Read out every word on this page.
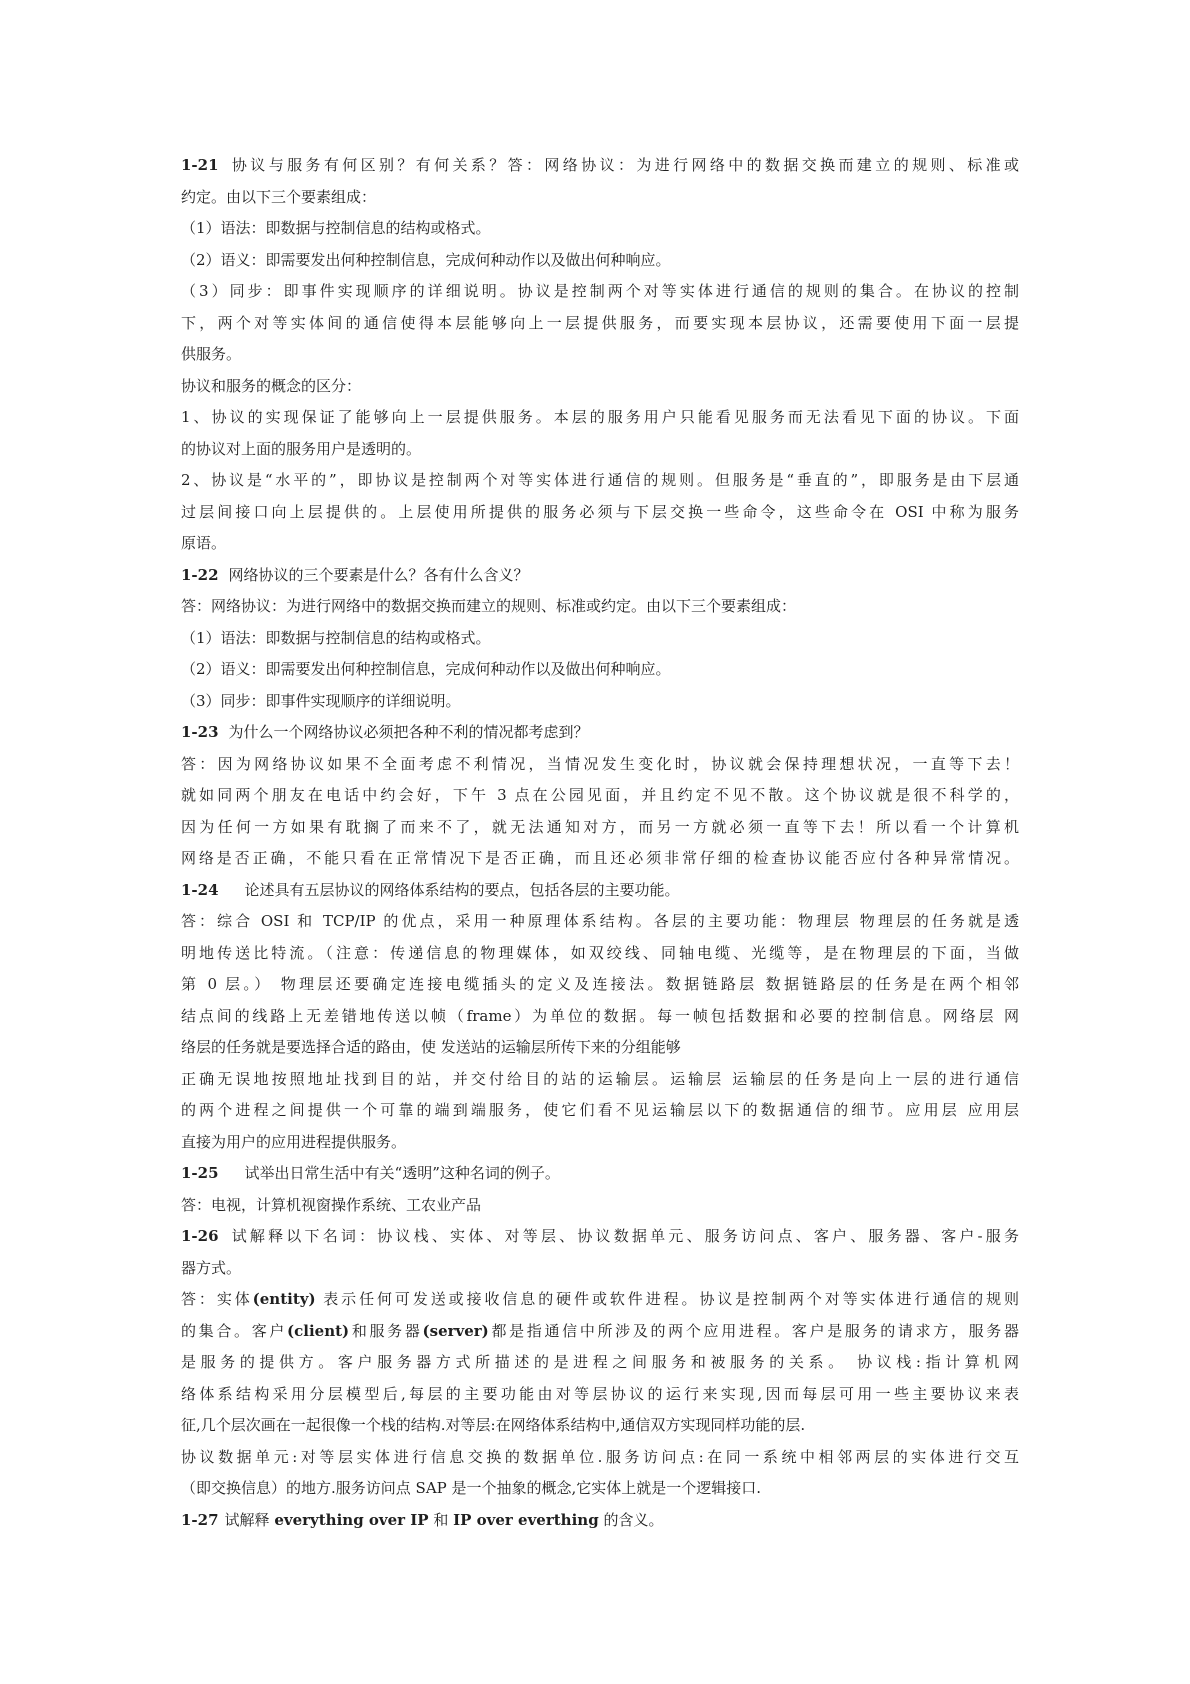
1-21 协议与服务有何区别？有何关系？答：网络协议：为进行网络中的数据交换而建立的规则、标准或
约定。由以下三个要素组成：
（1）语法：即数据与控制信息的结构或格式。
（2）语义：即需要发出何种控制信息，完成何种动作以及做出何种响应。
（3）同步：即事件实现顺序的详细说明。协议是控制两个对等实体进行通信的规则的集合。在协议的控制
下，两个对等实体间的通信使得本层能够向上一层提供服务，而要实现本层协议，还需要使用下面一层提
供服务。
协议和服务的概念的区分：
1、协议的实现保证了能够向上一层提供服务。本层的服务用户只能看见服务而无法看见下面的协议。下面
的协议对上面的服务用户是透明的。
2、协议是“水平的”，即协议是控制两个对等实体进行通信的规则。但服务是“垂直的”，即服务是由下层通
过层间接口向上层提供的。上层使用所提供的服务必须与下层交换一些命令，这些命令在 OSI 中称为服务
原语。
1-22 网络协议的三个要素是什么？各有什么含义？
答：网络协议：为进行网络中的数据交换而建立的规则、标准或约定。由以下三个要素组成：
（1）语法：即数据与控制信息的结构或格式。
（2）语义：即需要发出何种控制信息，完成何种动作以及做出何种响应。
（3）同步：即事件实现顺序的详细说明。
1-23 为什么一个网络协议必须把各种不利的情况都考虑到？
答：因为网络协议如果不全面考虑不利情况，当情况发生变化时，协议就会保持理想状况，一直等下去！
就如同两个朋友在电话中约会好，下午 3 点在公园见面，并且约定不见不散。这个协议就是很不科学的，
因为任何一方如果有耽搁了而来不了，就无法通知对方，而另一方就必须一直等下去！所以看一个计算机
网络是否正确，不能只看在正常情况下是否正确，而且还必须非常仔细的检查协议能否应付各种异常情况。
1-24 论述具有五层协议的网络体系结构的要点，包括各层的主要功能。
答：综合 OSI 和 TCP/IP 的优点，采用一种原理体系结构。各层的主要功能：物理层 物理层的任务就是透
明地传送比特流。（注意：传递信息的物理媒体，如双绞线、同轴电缆、光缆等，是在物理层的下面，当做
第 0 层。） 物理层还要确定连接电缆插头的定义及连接法。数据链路层 数据链路层的任务是在两个相邻
结点间的线路上无差错地传送以帧（frame）为单位的数据。每一帧包括数据和必要的控制信息。网络层 网
络层的任务就是要选择合适的路由，使 发送站的运输层所传下来的分组能够
正确无误地按照地址找到目的站，并交付给目的站的运输层。运输层 运输层的任务是向上一层的进行通信
的两个进程之间提供一个可靠的端到端服务，使它们看不见运输层以下的数据通信的细节。应用层 应用层
直接为用户的应用进程提供服务。
1-25 试举出日常生活中有关“透明”这种名词的例子。
答：电视，计算机视窗操作系统、工农业产品
1-26 试解释以下名词：协议栈、实体、对等层、协议数据单元、服务访问点、客户、服务器、客户-服务
器方式。
答：实体(entity) 表示任何可发送或接收信息的硬件或软件进程。协议是控制两个对等实体进行通信的规则
的集合。客户(client)和服务器(server)都是指通信中所涉及的两个应用进程。客户是服务的请求方，服务器
是服务的提供方。客户服务器方式所描述的是进程之间服务和被服务的关系。 协议栈:指计算机网
络体系结构采用分层模型后,每层的主要功能由对等层协议的运行来实现,因而每层可用一些主要协议来表
征,几个层次画在一起很像一个栈的结构.对等层:在网络体系结构中,通信双方实现同样功能的层.
协议数据单元:对等层实体进行信息交换的数据单位.服务访问点:在同一系统中相邻两层的实体进行交互
（即交换信息）的地方.服务访问点 SAP 是一个抽象的概念,它实体上就是一个逻辑接口.
1-27 试解释 everything over IP 和 IP over everthing 的含义。
